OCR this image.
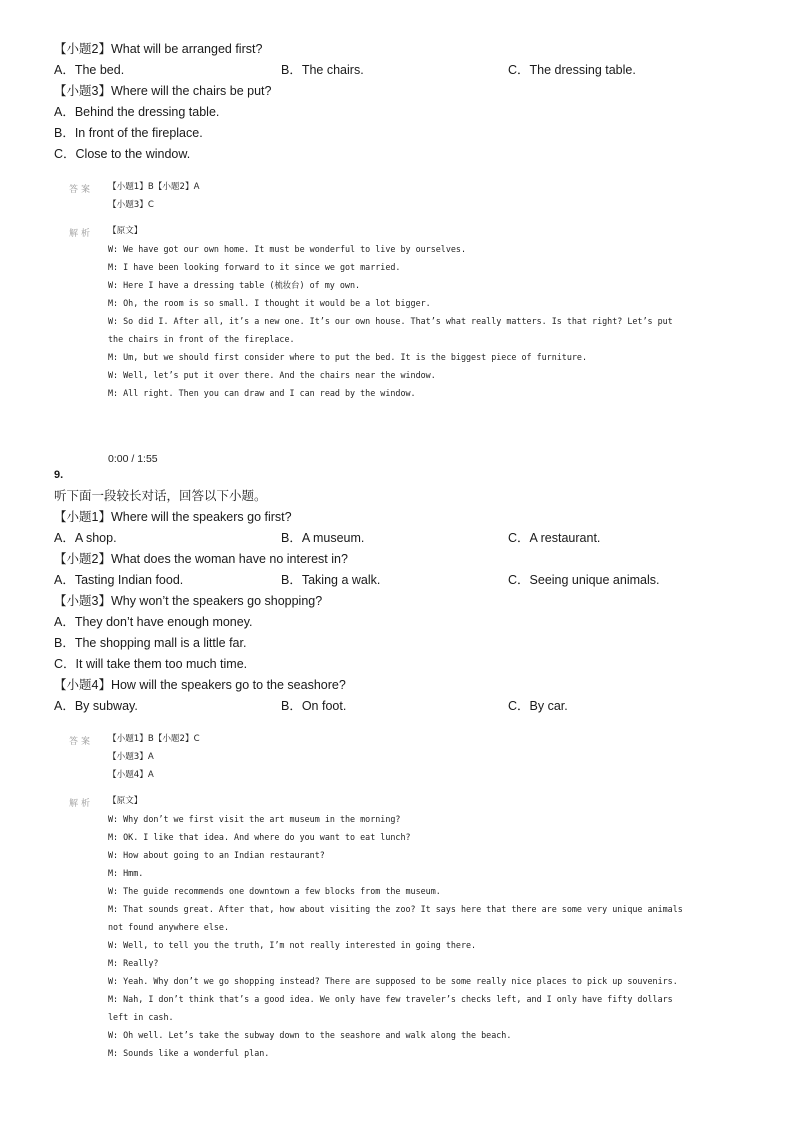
【小题2】What will be arranged first?
A．The bed.	B．The chairs.	C．The dressing table.
【小题3】Where will the chairs be put?
A．Behind the dressing table.
B．In front of the fireplace.
C．Close to the window.
答案 【小题1】B【小题2】A
【小题3】C
解析 【原文】
W: We have got our own home. It must be wonderful to live by ourselves.
M: I have been looking forward to it since we got married.
W: Here I have a dressing table (梳妆台) of my own.
M: Oh, the room is so small. I thought it would be a lot bigger.
W: So did I. After all, it’s a new one. It’s our own house. That’s what really matters. Is that right? Let’s put
the chairs in front of the fireplace.
M: Um, but we should first consider where to put the bed. It is the biggest piece of furniture.
W: Well, let’s put it over there. And the chairs near the window.
M: All right. Then you can draw and I can read by the window.
0:00 / 1:55
9.
听下面一段较长对话，回答以下小题。
【小题1】Where will the speakers go first?
A．A shop.	B．A museum.	C．A restaurant.
【小题2】What does the woman have no interest in?
A．Tasting Indian food.	B．Taking a walk.	C．Seeing unique animals.
【小题3】Why won’t the speakers go shopping?
A．They don’t have enough money.
B．The shopping mall is a little far.
C．It will take them too much time.
【小题4】How will the speakers go to the seashore?
A．By subway.	B．On foot.	C．By car.
答案 【小题1】B【小题2】C
【小题3】A
【小题4】A
解析 【原文】
W: Why don’t we first visit the art museum in the morning?
M: OK. I like that idea. And where do you want to eat lunch?
W: How about going to an Indian restaurant?
M: Hmm.
W: The guide recommends one downtown a few blocks from the museum.
M: That sounds great. After that, how about visiting the zoo? It says here that there are some very unique animals
not found anywhere else.
W: Well, to tell you the truth, I’m not really interested in going there.
M: Really?
W: Yeah. Why don’t we go shopping instead? There are supposed to be some really nice places to pick up souvenirs.
M: Nah, I don’t think that’s a good idea. We only have few traveler’s checks left, and I only have fifty dollars
left in cash.
W: Oh well. Let’s take the subway down to the seashore and walk along the beach.
M: Sounds like a wonderful plan.
